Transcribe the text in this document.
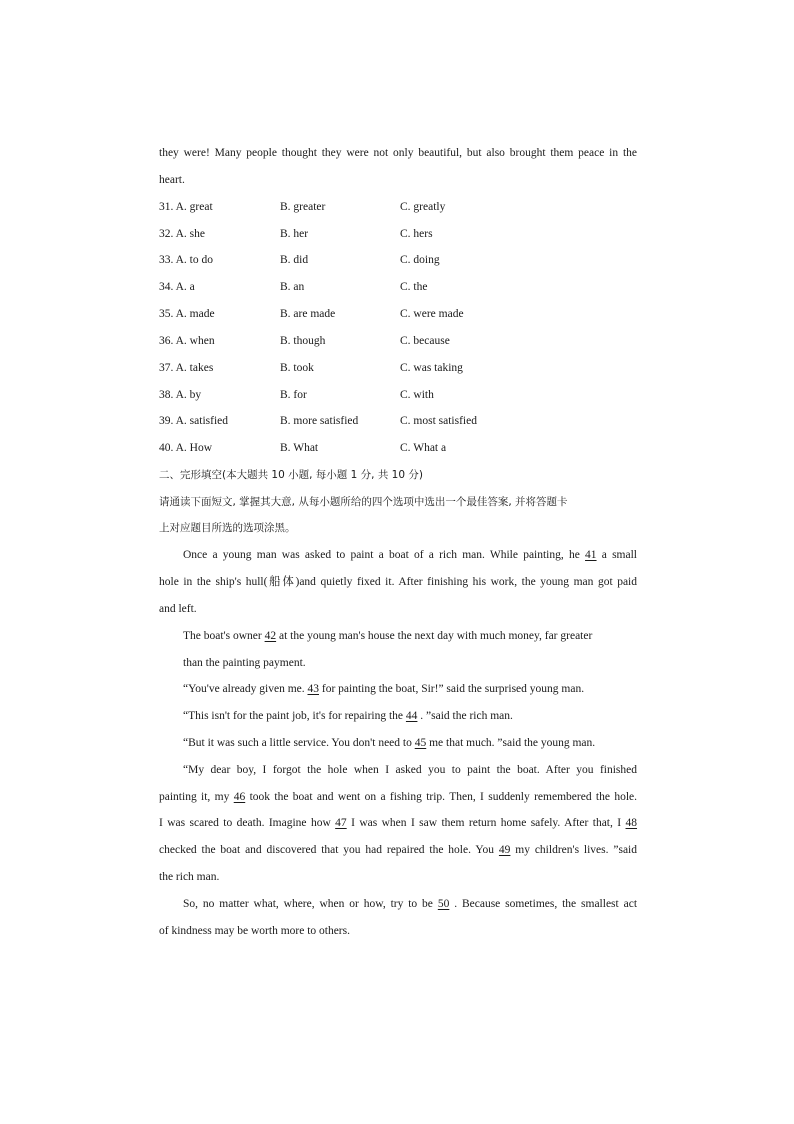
they were! Many people thought they were not only beautiful, but also brought them peace in the
heart.
31. A. great	B. greater	C. greatly
32. A. she	B. her	C. hers
33. A. to do	B. did	C. doing
34. A. a	B. an	C. the
35. A. made	B. are made	C. were made
36. A. when	B. though	C. because
37. A. takes	B. took	C. was taking
38. A. by	B. for	C. with
39. A. satisfied	B. more satisfied	C. most satisfied
40. A. How	B. What	C. What a
二、完形填空(本大题共 10 小题, 每小题 1 分, 共 10 分)
请通读下面短文, 掌握其大意, 从每小题所给的四个选项中选出一个最佳答案, 并将答题卡
上对应题目所选的选项涂黑。
Once a young man was asked to paint a boat of a rich man. While painting, he 41 a small
hole in the ship's hull(船体)and quietly fixed it. After finishing his work, the young man got paid
and left.
The boat's owner 42 at the young man's house the next day with much money, far greater
than the painting payment.
“You've already given me. 43 for painting the boat, Sir!” said the surprised young man.
“This isn't for the paint job, it's for repairing the 44 . ”said the rich man.
“But it was such a little service. You don't need to 45 me that much. ”said the young man.
“My dear boy, I forgot the hole when I asked you to paint the boat. After you finished
painting it, my 46 took the boat and went on a fishing trip. Then, I suddenly remembered the hole.
I was scared to death. Imagine how 47 I was when I saw them return home safely. After that, I 48
checked the boat and discovered that you had repaired the hole. You 49 my children's lives. ”said
the rich man.
So, no matter what, where, when or how, try to be 50 . Because sometimes, the smallest act
of kindness may be worth more to others.
